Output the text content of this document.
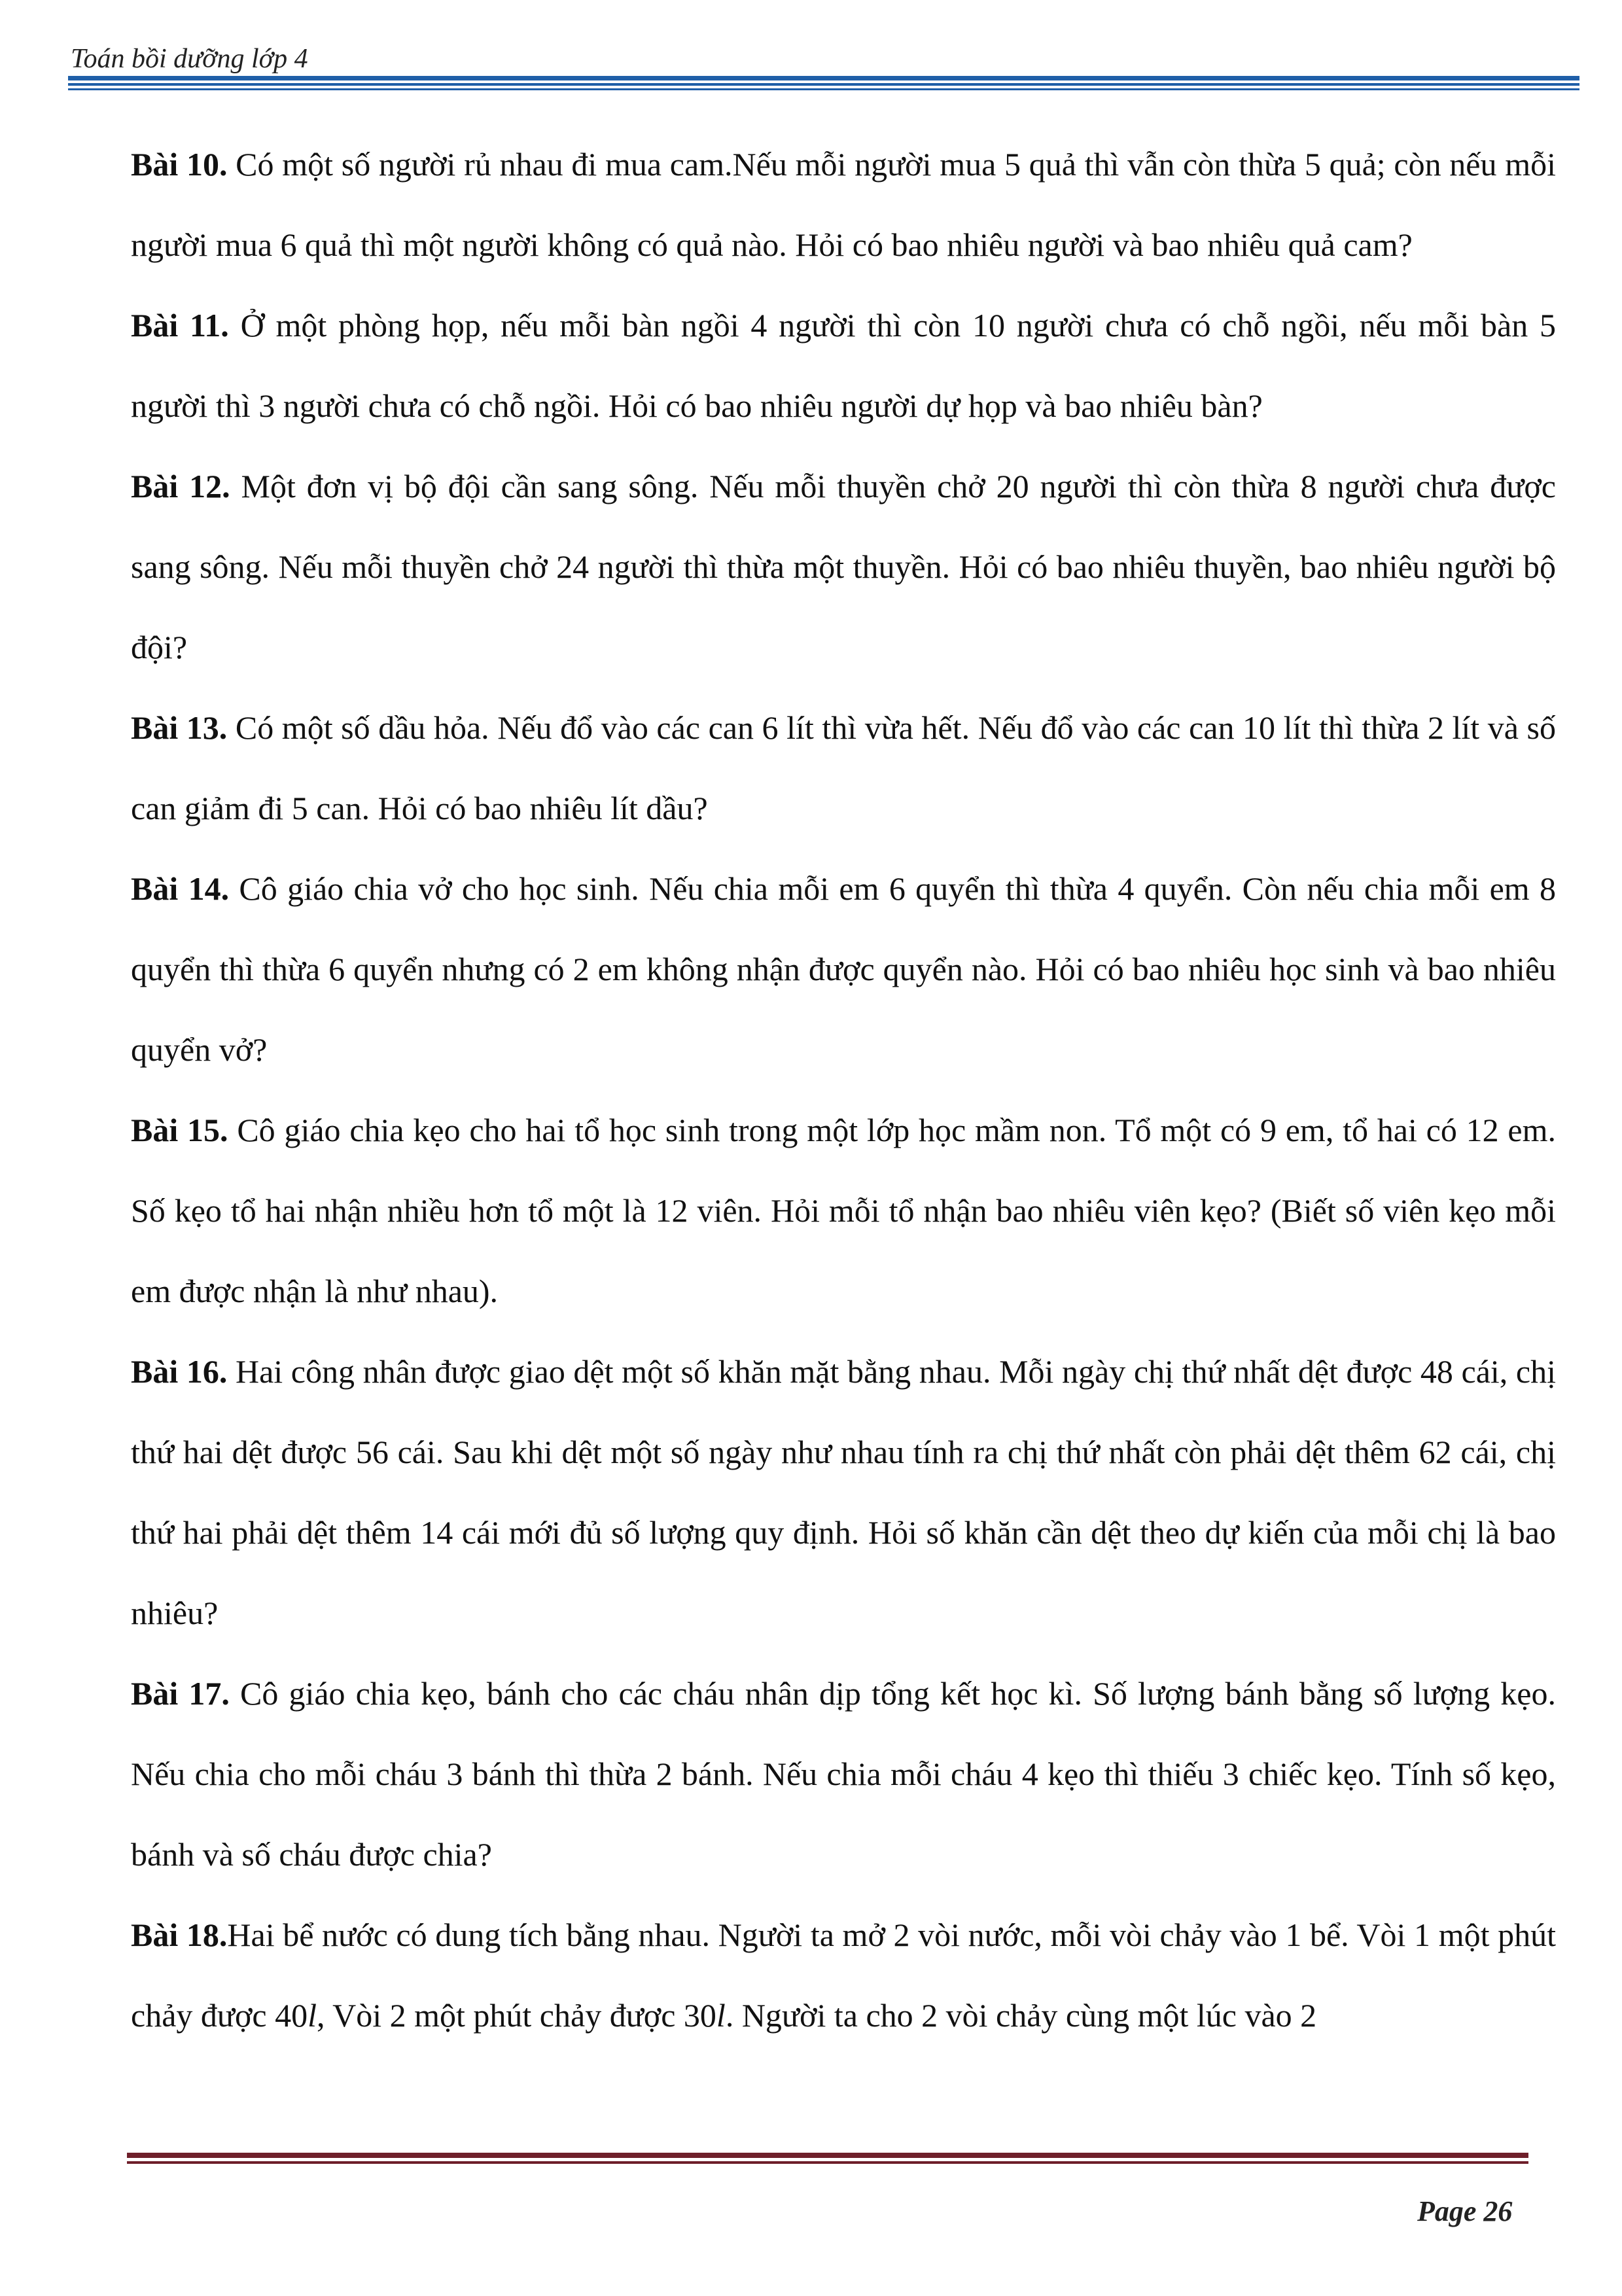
Toán bồi dưỡng lớp 4

Bài 10. Có một số người rủ nhau đi mua cam.Nếu mỗi người mua 5 quả thì vẫn còn thừa 5 quả; còn nếu mỗi người mua 6 quả thì một người không có quả nào. Hỏi có bao nhiêu người và bao nhiêu quả cam?

Bài 11. Ở một phòng họp, nếu mỗi bàn ngồi 4 người thì còn 10 người chưa có chỗ ngồi, nếu mỗi bàn 5 người thì 3 người chưa có chỗ ngồi. Hỏi có bao nhiêu người dự họp và bao nhiêu bàn?

Bài 12. Một đơn vị bộ đội cần sang sông. Nếu mỗi thuyền chở 20 người thì còn thừa 8 người chưa được sang sông. Nếu mỗi thuyền chở 24 người thì thừa một thuyền. Hỏi có bao nhiêu thuyền, bao nhiêu người bộ đội?

Bài 13. Có một số dầu hỏa. Nếu đổ vào các can 6 lít thì vừa hết. Nếu đổ vào các can 10 lít thì thừa 2 lít và số can giảm đi 5 can. Hỏi có bao nhiêu lít dầu?

Bài 14. Cô giáo chia vở cho học sinh. Nếu chia mỗi em 6 quyển thì thừa 4 quyển. Còn nếu chia mỗi em 8 quyển thì thừa 6 quyển nhưng có 2 em không nhận được quyển nào. Hỏi có bao nhiêu học sinh và bao nhiêu quyển vở?

Bài 15. Cô giáo chia kẹo cho hai tổ học sinh trong một lớp học mầm non. Tổ một có 9 em, tổ hai có 12 em. Số kẹo tổ hai nhận nhiều hơn tổ một là 12 viên. Hỏi mỗi tổ nhận bao nhiêu viên kẹo? (Biết số viên kẹo mỗi em được nhận là như nhau).

Bài 16. Hai công nhân được giao dệt một số khăn mặt bằng nhau. Mỗi ngày chị thứ nhất dệt được 48 cái, chị thứ hai dệt được 56 cái. Sau khi dệt một số ngày như nhau tính ra chị thứ nhất còn phải dệt thêm 62 cái, chị thứ hai phải dệt thêm 14 cái mới đủ số lượng quy định. Hỏi số khăn cần dệt theo dự kiến của mỗi chị là bao nhiêu?

Bài 17. Cô giáo chia kẹo, bánh cho các cháu nhân dịp tổng kết học kì. Số lượng bánh bằng số lượng kẹo. Nếu chia cho mỗi cháu 3 bánh thì thừa 2 bánh. Nếu chia mỗi cháu 4 kẹo thì thiếu 3 chiếc kẹo. Tính số kẹo, bánh và số cháu được chia?

Bài 18.Hai bể nước có dung tích bằng nhau. Người ta mở 2 vòi nước, mỗi vòi chảy vào 1 bể. Vòi 1 một phút chảy được 40l, Vòi 2 một phút chảy được 30l. Người ta cho 2 vòi chảy cùng một lúc vào 2

Page 26
